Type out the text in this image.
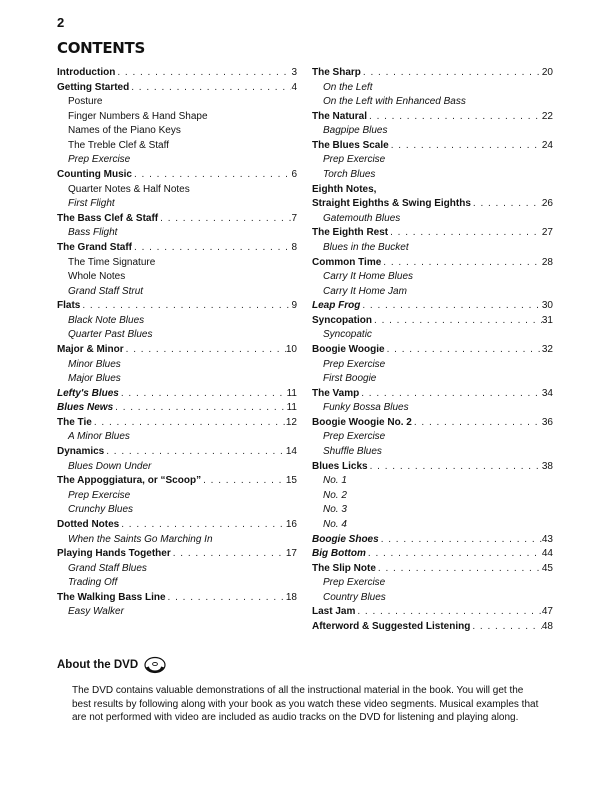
2
CONTENTS
Introduction . . .	3
Getting Started . . .	4
Posture
Finger Numbers & Hand Shape
Names of the Piano Keys
The Treble Clef & Staff
Prep Exercise
Counting Music . . .	6
Quarter Notes & Half Notes
First Flight
The Bass Clef & Staff . . .	7
Bass Flight
The Grand Staff . . .	8
The Time Signature
Whole Notes
Grand Staff Strut
Flats . . .	9
Black Note Blues
Quarter Past Blues
Major & Minor . . .	10
Minor Blues
Major Blues
Lefty's Blues . . .	11
Blues News . . .	11
The Tie . . .	12
A Minor Blues
Dynamics . . .	14
Blues Down Under
The Appoggiatura, or “Scoop” . . .	15
Prep Exercise
Crunchy Blues
Dotted Notes . . .	16
When the Saints Go Marching In
Playing Hands Together . . .	17
Grand Staff Blues
Trading Off
The Walking Bass Line . . .	18
Easy Walker
The Sharp . . .	20
On the Left
On the Left with Enhanced Bass
The Natural . . .	22
Bagpipe Blues
The Blues Scale . . .	24
Prep Exercise
Torch Blues
Eighth Notes,
Straight Eighths & Swing Eighths . . .	26
Gatemouth Blues
The Eighth Rest . . .	27
Blues in the Bucket
Common Time . . .	28
Carry It Home Blues
Carry It Home Jam
Leap Frog . . .	30
Syncopation . . .	31
Syncopatic
Boogie Woogie . . .	32
Prep Exercise
First Boogie
The Vamp . . .	34
Funky Bossa Blues
Boogie Woogie No. 2 . . .	36
Prep Exercise
Shuffle Blues
Blues Licks . . .	38
No. 1
No. 2
No. 3
No. 4
Boogie Shoes . . .	43
Big Bottom . . .	44
The Slip Note . . .	45
Prep Exercise
Country Blues
Last Jam . . .	47
Afterword & Suggested Listening . . .	48
About the DVD

The DVD contains valuable demonstrations of all the instructional material in the book. You will get the best results by following along with your book as you watch these video segments. Musical examples that are not performed with video are included as audio tracks on the DVD for listening and playing along.
